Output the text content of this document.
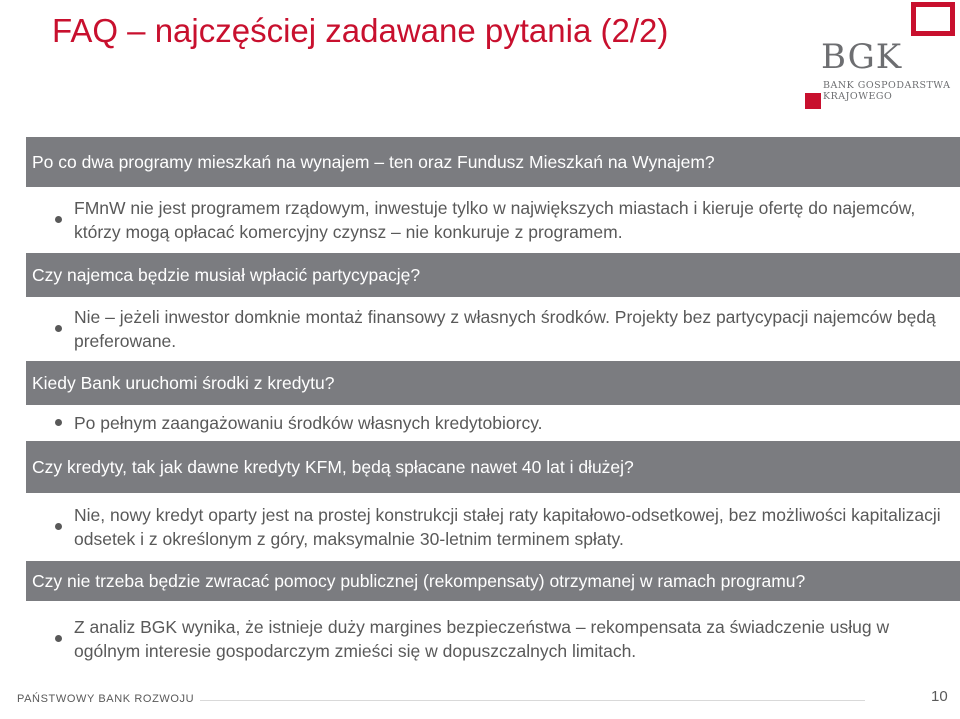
FAQ – najczęściej zadawane pytania (2/2)
BGK
BANK GOSPODARSTWA
KRAJOWEGO
Po co dwa programy mieszkań na wynajem – ten oraz Fundusz Mieszkań na Wynajem?
FMnW nie jest programem rządowym, inwestuje tylko w największych miastach i kieruje ofertę do najemców, którzy mogą opłacać komercyjny czynsz – nie konkuruje z programem.
Czy najemca będzie musiał wpłacić partycypację?
Nie – jeżeli inwestor domknie montaż finansowy z własnych środków. Projekty bez partycypacji najemców będą preferowane.
Kiedy Bank uruchomi środki z kredytu?
Po pełnym zaangażowaniu środków własnych kredytobiorcy.
Czy kredyty, tak jak dawne kredyty KFM, będą spłacane nawet 40 lat i dłużej?
Nie, nowy kredyt oparty jest na prostej konstrukcji stałej raty kapitałowo-odsetkowej, bez możliwości kapitalizacji odsetek i z określonym z góry, maksymalnie 30-letnim terminem spłaty.
Czy nie trzeba będzie zwracać pomocy publicznej (rekompensaty) otrzymanej w ramach programu?
Z analiz BGK wynika, że istnieje duży margines bezpieczeństwa – rekompensata za świadczenie usług w ogólnym interesie gospodarczym zmieści się w dopuszczalnych limitach.
PAŃSTWOWY BANK ROZWOJU	10
